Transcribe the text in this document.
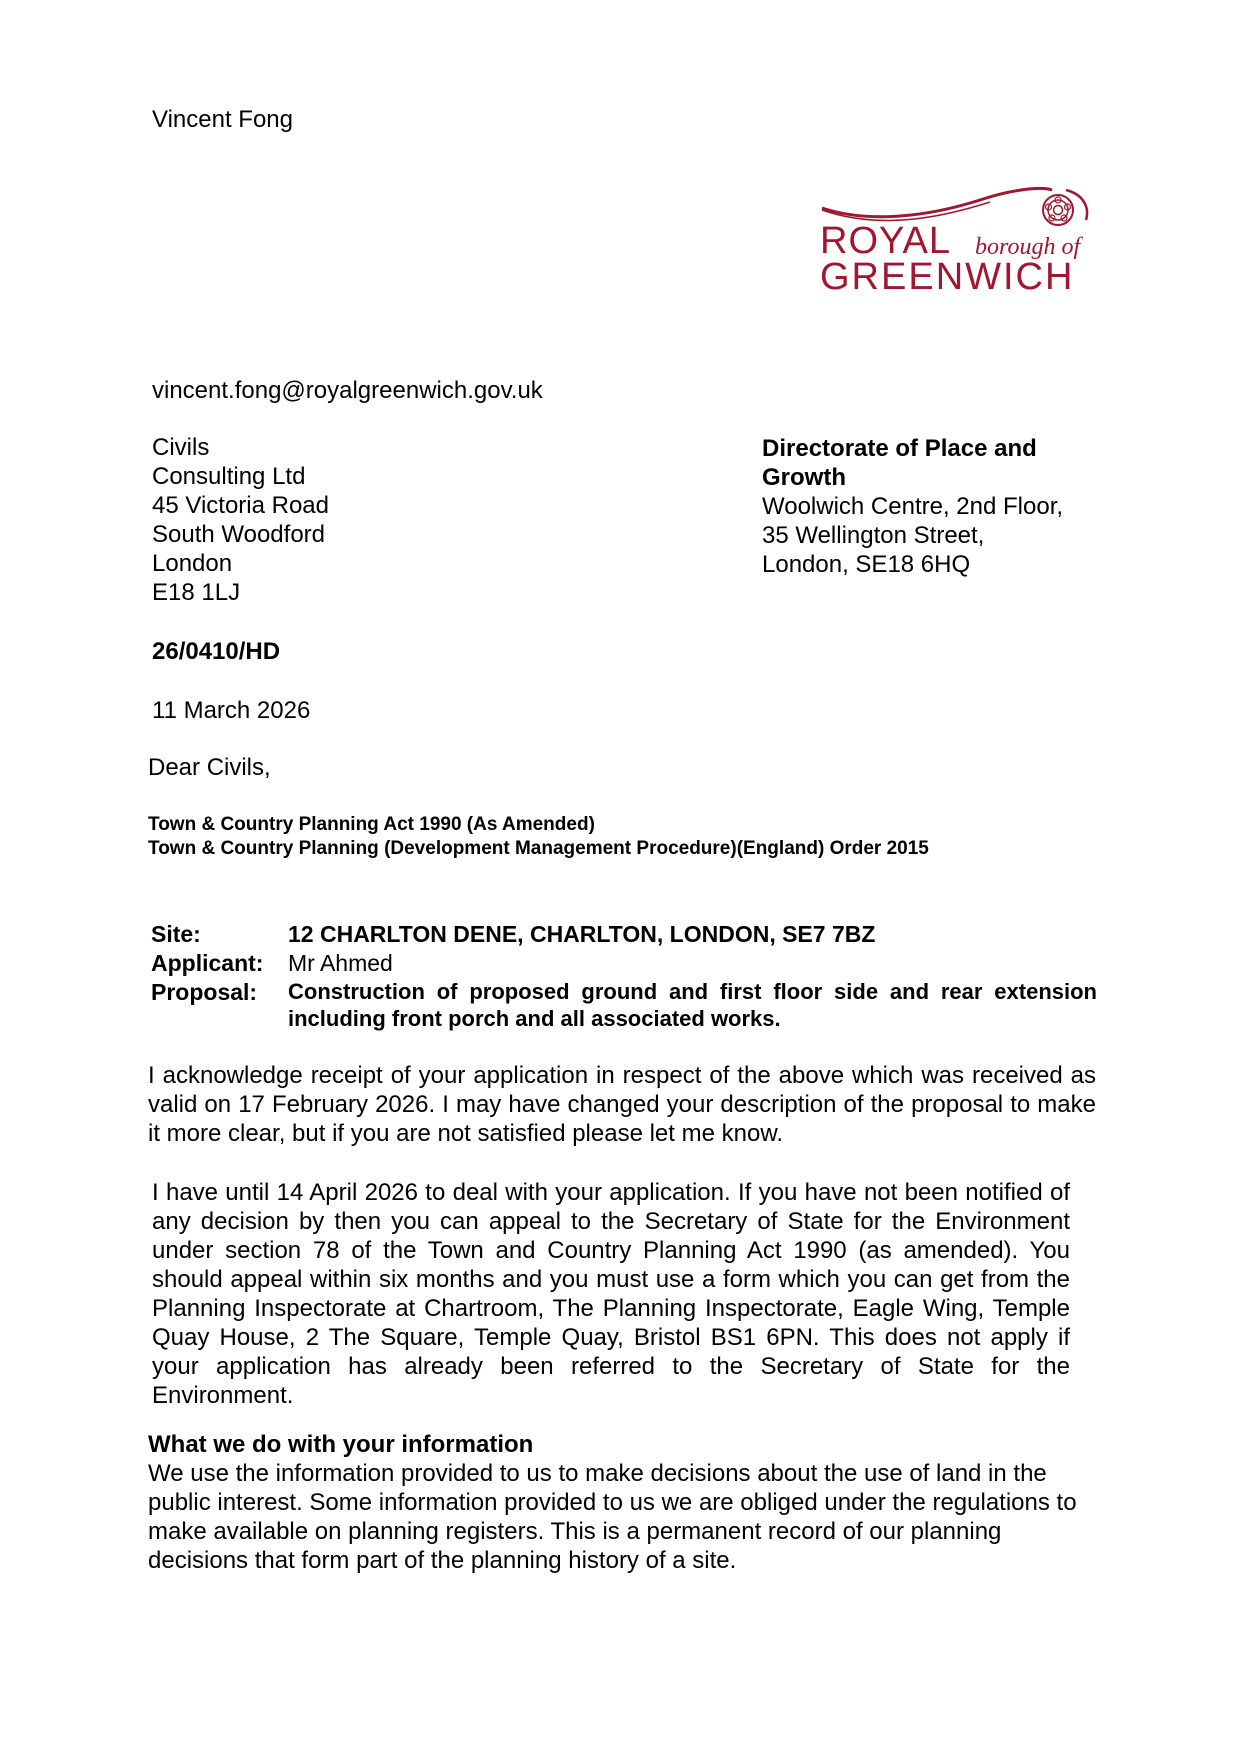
Vincent Fong
ROYAL borough of
GREENWICH
vincent.fong@royalgreenwich.gov.uk
Civils
Consulting Ltd
45 Victoria Road
South Woodford
London
E18 1LJ
Directorate of Place and
Growth
Woolwich Centre, 2nd Floor,
35 Wellington Street,
London, SE18 6HQ
26/0410/HD
11 March 2026
Dear Civils,
Town & Country Planning Act 1990 (As Amended)
Town & Country Planning (Development Management Procedure)(England) Order 2015
Site:	12 CHARLTON DENE, CHARLTON, LONDON, SE7 7BZ
Applicant:	Mr Ahmed
Proposal:	Construction of proposed ground and first floor side and rear extension including front porch and all associated works.
I acknowledge receipt of your application in respect of the above which was received as valid on 17 February 2026. I may have changed your description of the proposal to make it more clear, but if you are not satisfied please let me know.
I have until 14 April 2026 to deal with your application. If you have not been notified of any decision by then you can appeal to the Secretary of State for the Environment under section 78 of the Town and Country Planning Act 1990 (as amended). You should appeal within six months and you must use a form which you can get from the Planning Inspectorate at Chartroom, The Planning Inspectorate, Eagle Wing, Temple Quay House, 2 The Square, Temple Quay, Bristol BS1 6PN. This does not apply if your application has already been referred to the Secretary of State for the Environment.
What we do with your information
We use the information provided to us to make decisions about the use of land in the public interest. Some information provided to us we are obliged under the regulations to make available on planning registers. This is a permanent record of our planning decisions that form part of the planning history of a site.
